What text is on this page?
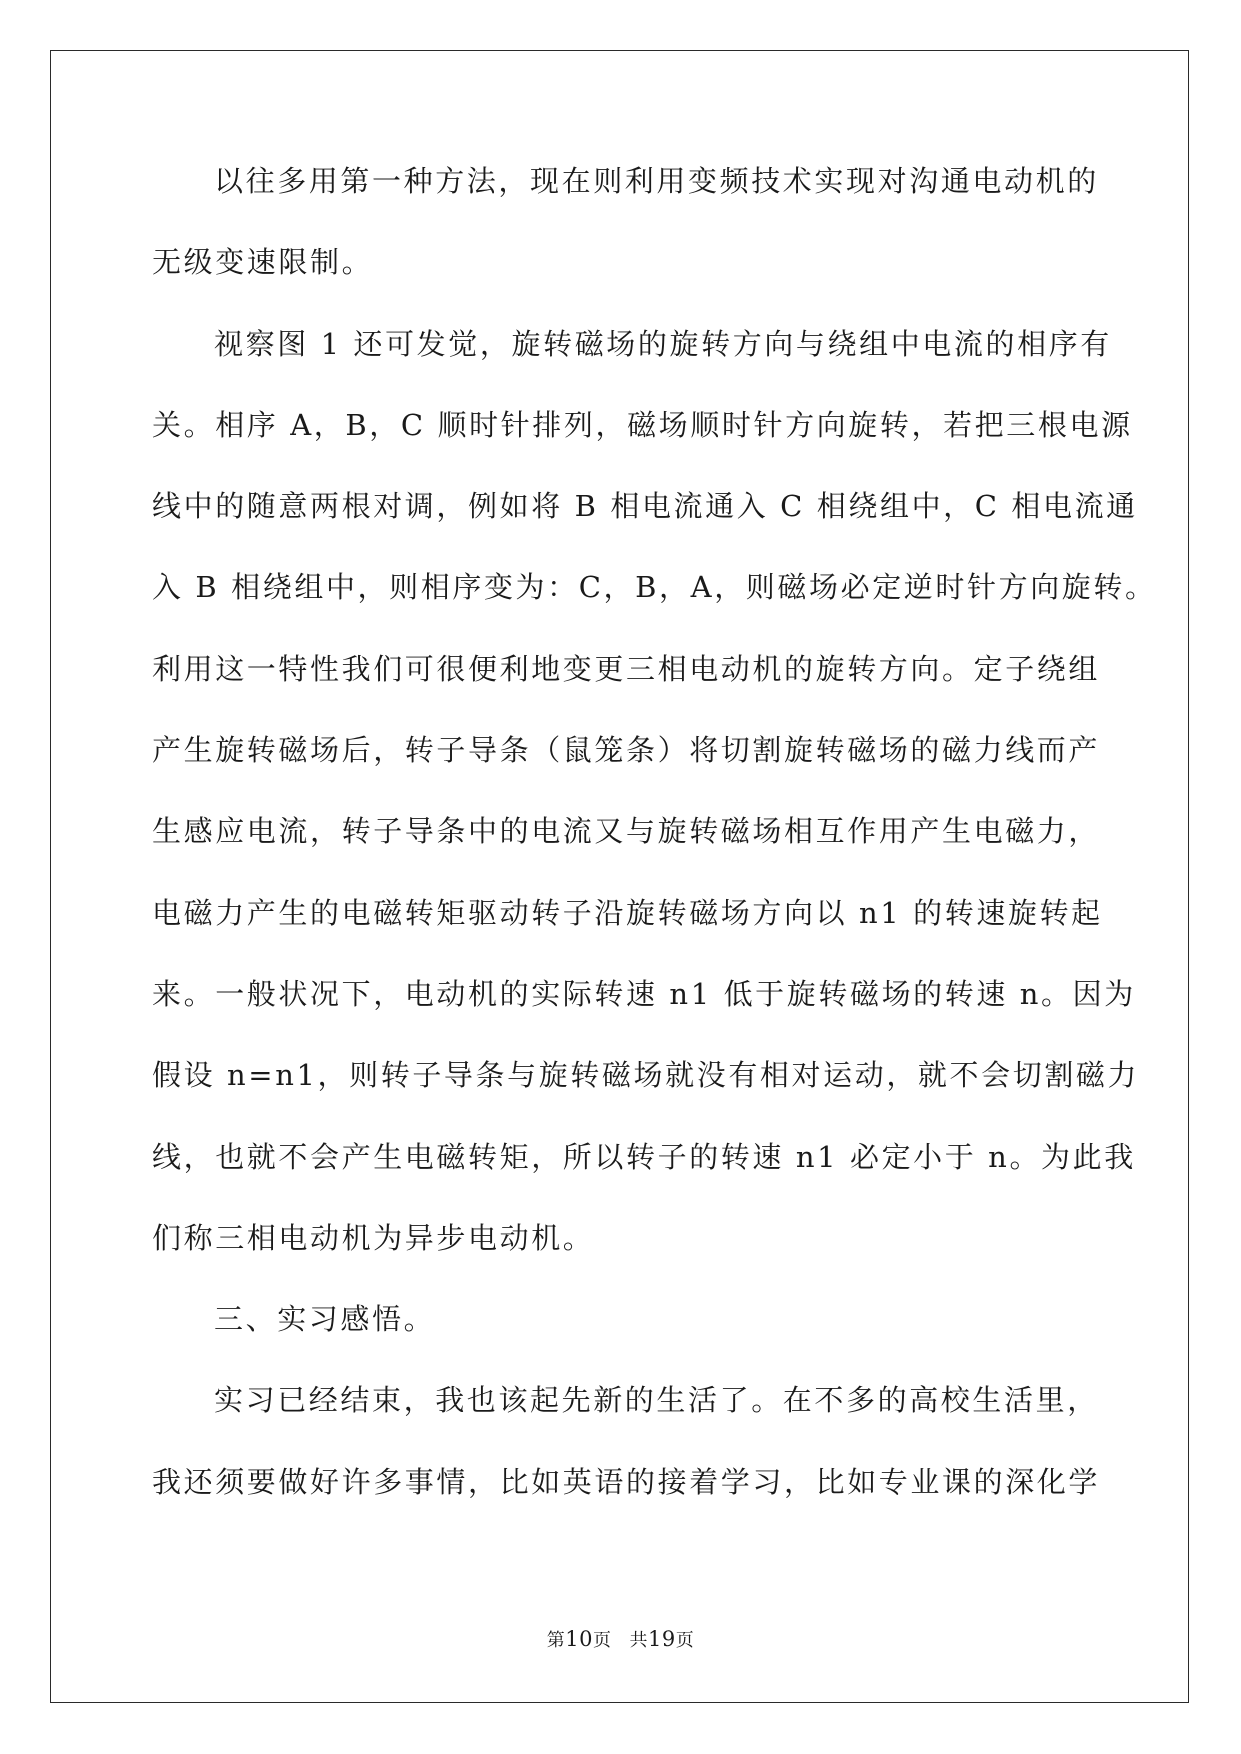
以往多用第一种方法，现在则利用变频技术实现对沟通电动机的
无级变速限制。
视察图 1 还可发觉，旋转磁场的旋转方向与绕组中电流的相序有
关。相序 A，B，C 顺时针排列，磁场顺时针方向旋转，若把三根电源
线中的随意两根对调，例如将 B 相电流通入 C 相绕组中，C 相电流通
入 B 相绕组中，则相序变为：C，B，A，则磁场必定逆时针方向旋转。
利用这一特性我们可很便利地变更三相电动机的旋转方向。定子绕组
产生旋转磁场后，转子导条（鼠笼条）将切割旋转磁场的磁力线而产
生感应电流，转子导条中的电流又与旋转磁场相互作用产生电磁力，
电磁力产生的电磁转矩驱动转子沿旋转磁场方向以 n1 的转速旋转起
来。一般状况下，电动机的实际转速 n1 低于旋转磁场的转速 n。因为
假设 n=n1，则转子导条与旋转磁场就没有相对运动，就不会切割磁力
线，也就不会产生电磁转矩，所以转子的转速 n1 必定小于 n。为此我
们称三相电动机为异步电动机。
三、实习感悟。
实习已经结束，我也该起先新的生活了。在不多的高校生活里，
我还须要做好许多事情，比如英语的接着学习，比如专业课的深化学
第10页 共19页
